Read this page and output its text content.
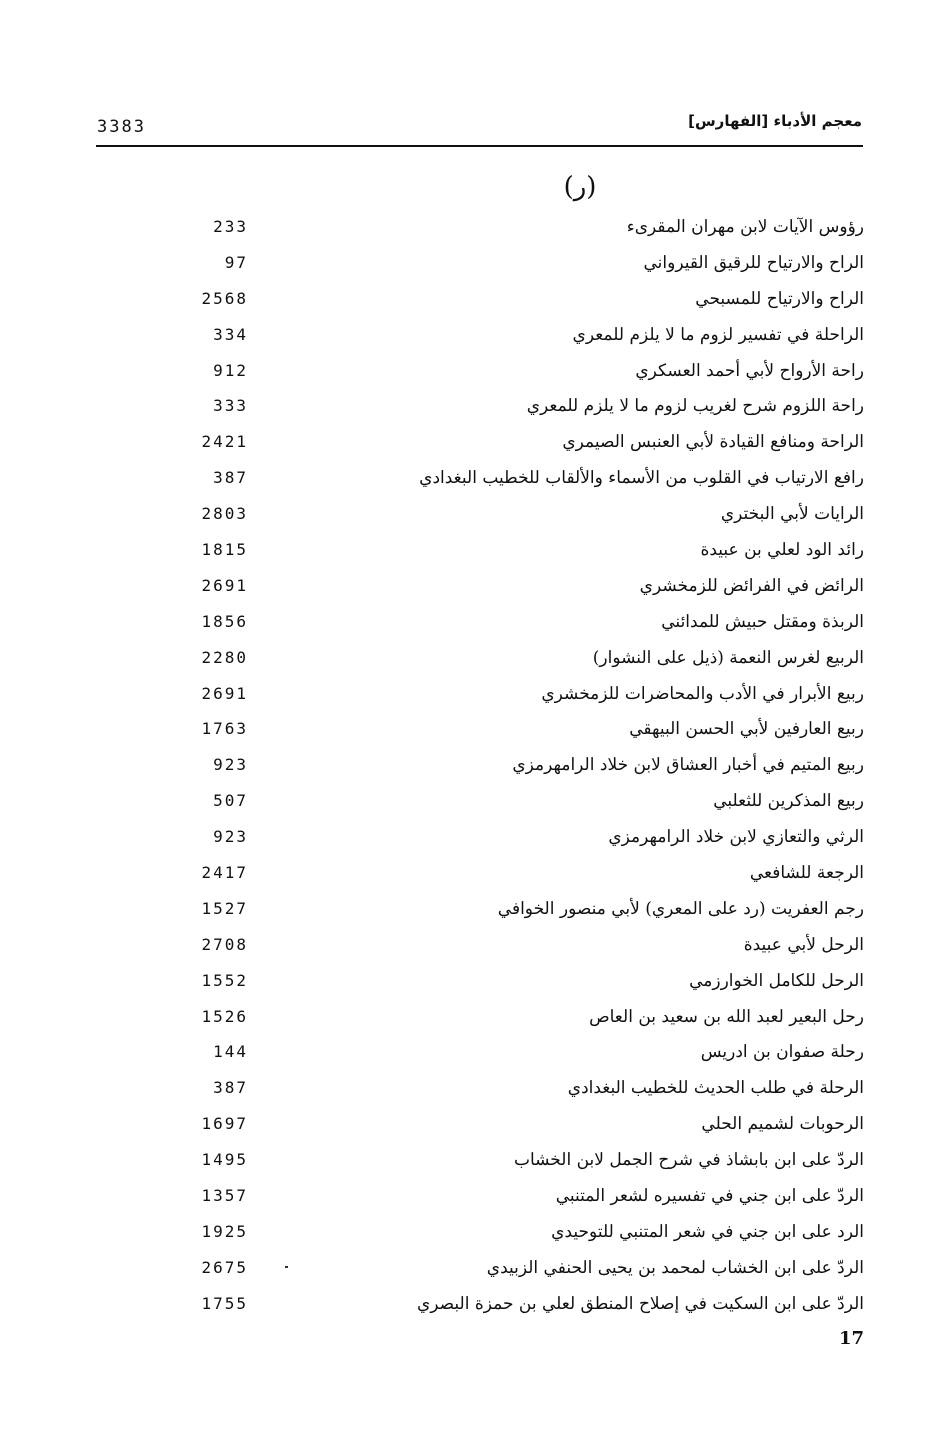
معجم الأدباء [الفهارس]
3383
(ر)
رؤوس الآيات لابن مهران المقرىء
233
الراح والارتياح للرقيق القيرواني
97
الراح والارتياح للمسبحي
2568
الراحلة في تفسير لزوم ما لا يلزم للمعري
334
راحة الأرواح لأبي أحمد العسكري
912
راحة اللزوم شرح لغريب لزوم ما لا يلزم للمعري
333
الراحة ومنافع القيادة لأبي العنبس الصيمري
2421
رافع الارتياب في القلوب من الأسماء والألقاب للخطيب البغدادي
387
الرايات لأبي البختري
2803
رائد الود لعلي بن عبيدة
1815
الرائض في الفرائض للزمخشري
2691
الربذة ومقتل حبيش للمدائني
1856
الربيع لغرس النعمة (ذيل على النشوار)
2280
ربيع الأبرار في الأدب والمحاضرات للزمخشري
2691
ربيع العارفين لأبي الحسن البيهقي
1763
ربيع المتيم في أخبار العشاق لابن خلاد الرامهرمزي
923
ربيع المذكرين للثعلبي
507
الرثي والتعازي لابن خلاد الرامهرمزي
923
الرجعة للشافعي
2417
رجم العفريت (رد على المعري) لأبي منصور الخوافي
1527
الرحل لأبي عبيدة
2708
الرحل للكامل الخوارزمي
1552
رحل البعير لعبد الله بن سعيد بن العاص
1526
رحلة صفوان بن ادريس
144
الرحلة في طلب الحديث للخطيب البغدادي
387
الرحوبات لشميم الحلي
1697
الردّ على ابن بابشاذ في شرح الجمل لابن الخشاب
1495
الردّ على ابن جني في تفسيره لشعر المتنبي
1357
الرد على ابن جني في شعر المتنبي للتوحيدي
1925
الردّ على ابن الخشاب لمحمد بن يحيى الحنفي الزبيدي
2675
الردّ على ابن السكيت في إصلاح المنطق لعلي بن حمزة البصري
1755
17
